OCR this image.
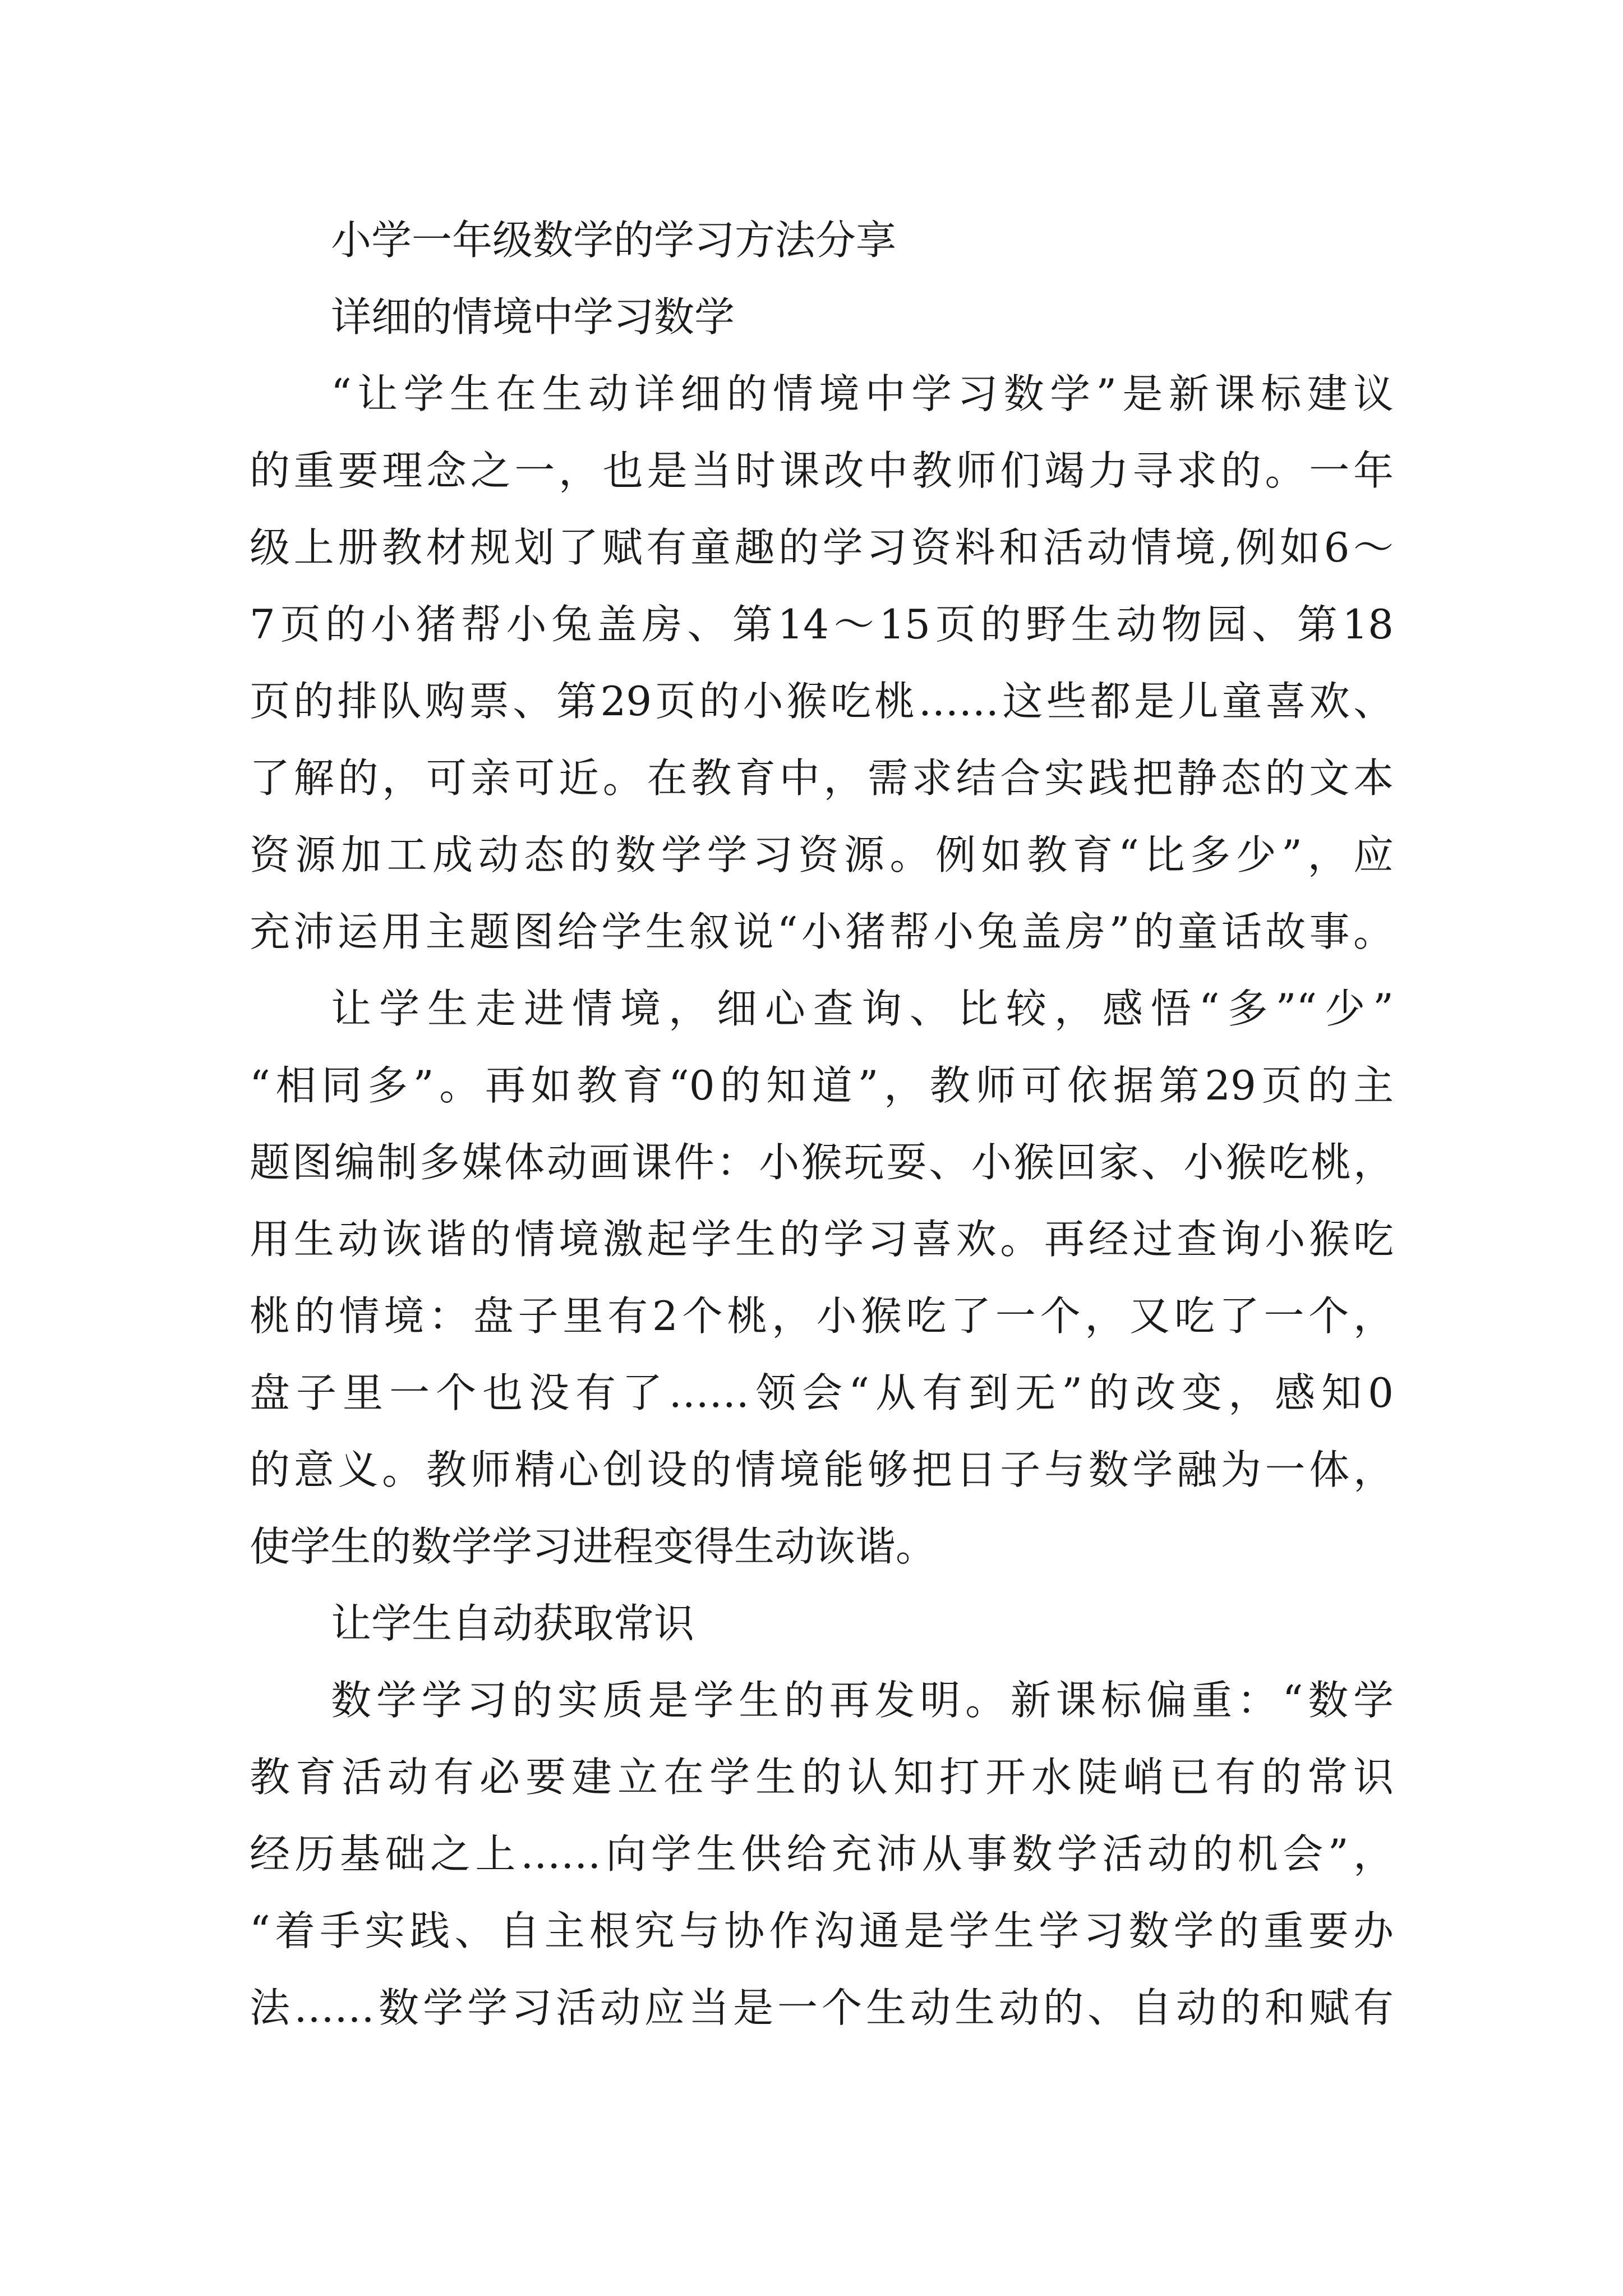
小学一年级数学的学习方法分享
详细的情境中学习数学
“让学生在生动详细的情境中学习数学”是新课标建议
的重要理念之一，也是当时课改中教师们竭力寻求的。一年
级上册教材规划了赋有童趣的学习资料和活动情境,例如6～
7页的小猪帮小兔盖房、第14～15页的野生动物园、第18
页的排队购票、第29页的小猴吃桃……这些都是儿童喜欢、
了解的，可亲可近。在教育中，需求结合实践把静态的文本
资源加工成动态的数学学习资源。例如教育“比多少”，应
充沛运用主题图给学生叙说“小猪帮小兔盖房”的童话故事。
让学生走进情境，细心查询、比较，感悟“多”“少”
“相同多”。再如教育“0的知道”，教师可依据第29页的主
题图编制多媒体动画课件：小猴玩耍、小猴回家、小猴吃桃，
用生动诙谐的情境激起学生的学习喜欢。再经过查询小猴吃
桃的情境：盘子里有2个桃，小猴吃了一个，又吃了一个，
盘子里一个也没有了……领会“从有到无”的改变，感知0
的意义。教师精心创设的情境能够把日子与数学融为一体，
使学生的数学学习进程变得生动诙谐。
让学生自动获取常识
数学学习的实质是学生的再发明。新课标偏重：“数学
教育活动有必要建立在学生的认知打开水陡峭已有的常识
经历基础之上……向学生供给充沛从事数学活动的机会”，
“着手实践、自主根究与协作沟通是学生学习数学的重要办
法……数学学习活动应当是一个生动生动的、自动的和赋有
